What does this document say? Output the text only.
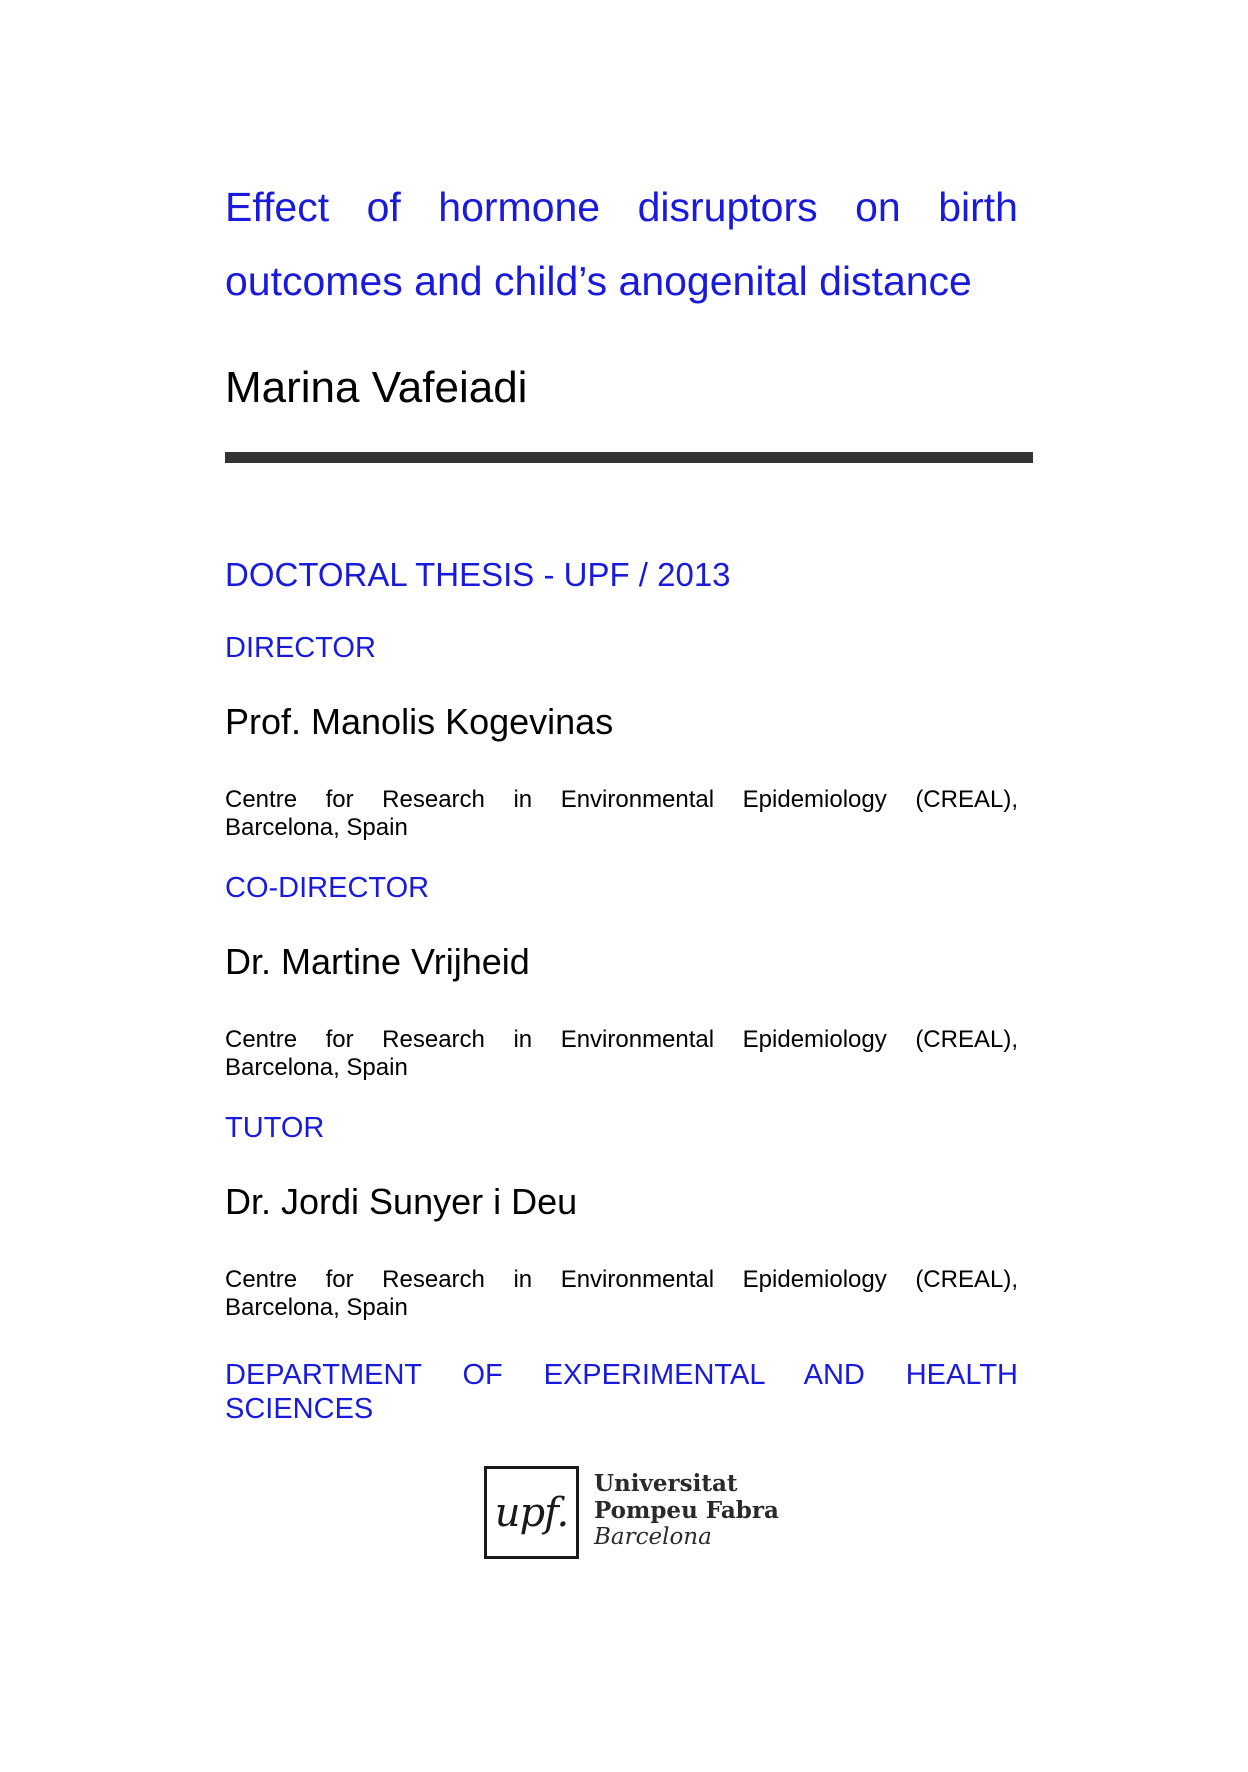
Effect of hormone disruptors on birth
outcomes and child’s anogenital distance
Marina Vafeiadi
DOCTORAL THESIS - UPF / 2013
DIRECTOR
Prof. Manolis Kogevinas
Centre for Research in Environmental Epidemiology (CREAL),
Barcelona, Spain
CO-DIRECTOR
Dr. Martine Vrijheid
Centre for Research in Environmental Epidemiology (CREAL),
Barcelona, Spain
TUTOR
Dr. Jordi Sunyer i Deu
Centre for Research in Environmental Epidemiology (CREAL),
Barcelona, Spain
DEPARTMENT OF EXPERIMENTAL AND HEALTH
SCIENCES
upf.
Universitat
Pompeu Fabra
Barcelona
